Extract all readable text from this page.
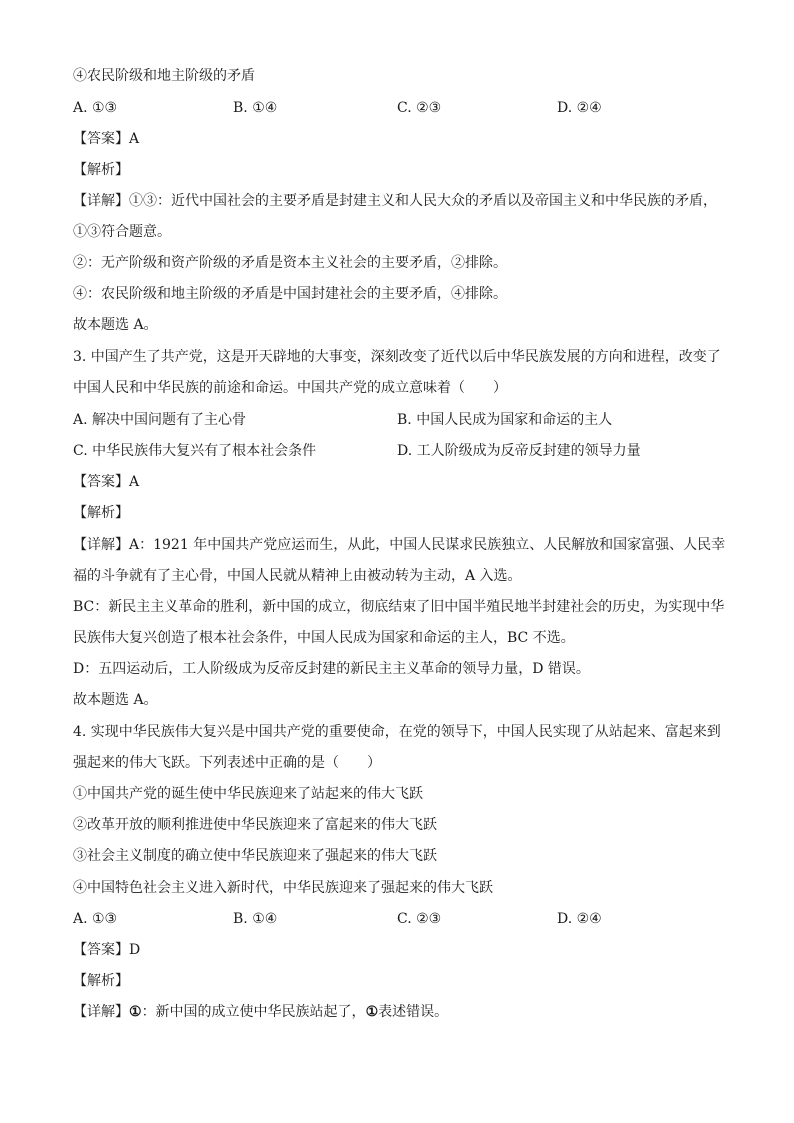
④农民阶级和地主阶级的矛盾
A. ①③	B. ①④	C. ②③	D. ②④
【答案】A
【解析】
【详解】①③：近代中国社会的主要矛盾是封建主义和人民大众的矛盾以及帝国主义和中华民族的矛盾，
①③符合题意。
②：无产阶级和资产阶级的矛盾是资本主义社会的主要矛盾，②排除。
④：农民阶级和地主阶级的矛盾是中国封建社会的主要矛盾，④排除。
故本题选 A。
3. 中国产生了共产党，这是开天辟地的大事变，深刻改变了近代以后中华民族发展的方向和进程，改变了
中国人民和中华民族的前途和命运。中国共产党的成立意味着（　　）
A. 解决中国问题有了主心骨	B. 中国人民成为国家和命运的主人
C. 中华民族伟大复兴有了根本社会条件	D. 工人阶级成为反帝反封建的领导力量
【答案】A
【解析】
【详解】A：1921 年中国共产党应运而生，从此，中国人民谋求民族独立、人民解放和国家富强、人民幸
福的斗争就有了主心骨，中国人民就从精神上由被动转为主动，A 入选。
BC：新民主主义革命的胜利，新中国的成立，彻底结束了旧中国半殖民地半封建社会的历史，为实现中华
民族伟大复兴创造了根本社会条件，中国人民成为国家和命运的主人，BC 不选。
D：五四运动后，工人阶级成为反帝反封建的新民主主义革命的领导力量，D 错误。
故本题选 A。
4. 实现中华民族伟大复兴是中国共产党的重要使命，在党的领导下，中国人民实现了从站起来、富起来到
强起来的伟大飞跃。下列表述中正确的是（　　）
①中国共产党的诞生使中华民族迎来了站起来的伟大飞跃
②改革开放的顺利推进使中华民族迎来了富起来的伟大飞跃
③社会主义制度的确立使中华民族迎来了强起来的伟大飞跃
④中国特色社会主义进入新时代，中华民族迎来了强起来的伟大飞跃
A. ①③	B. ①④	C. ②③	D. ②④
【答案】D
【解析】
【详解】①：新中国的成立使中华民族站起了，①表述错误。
